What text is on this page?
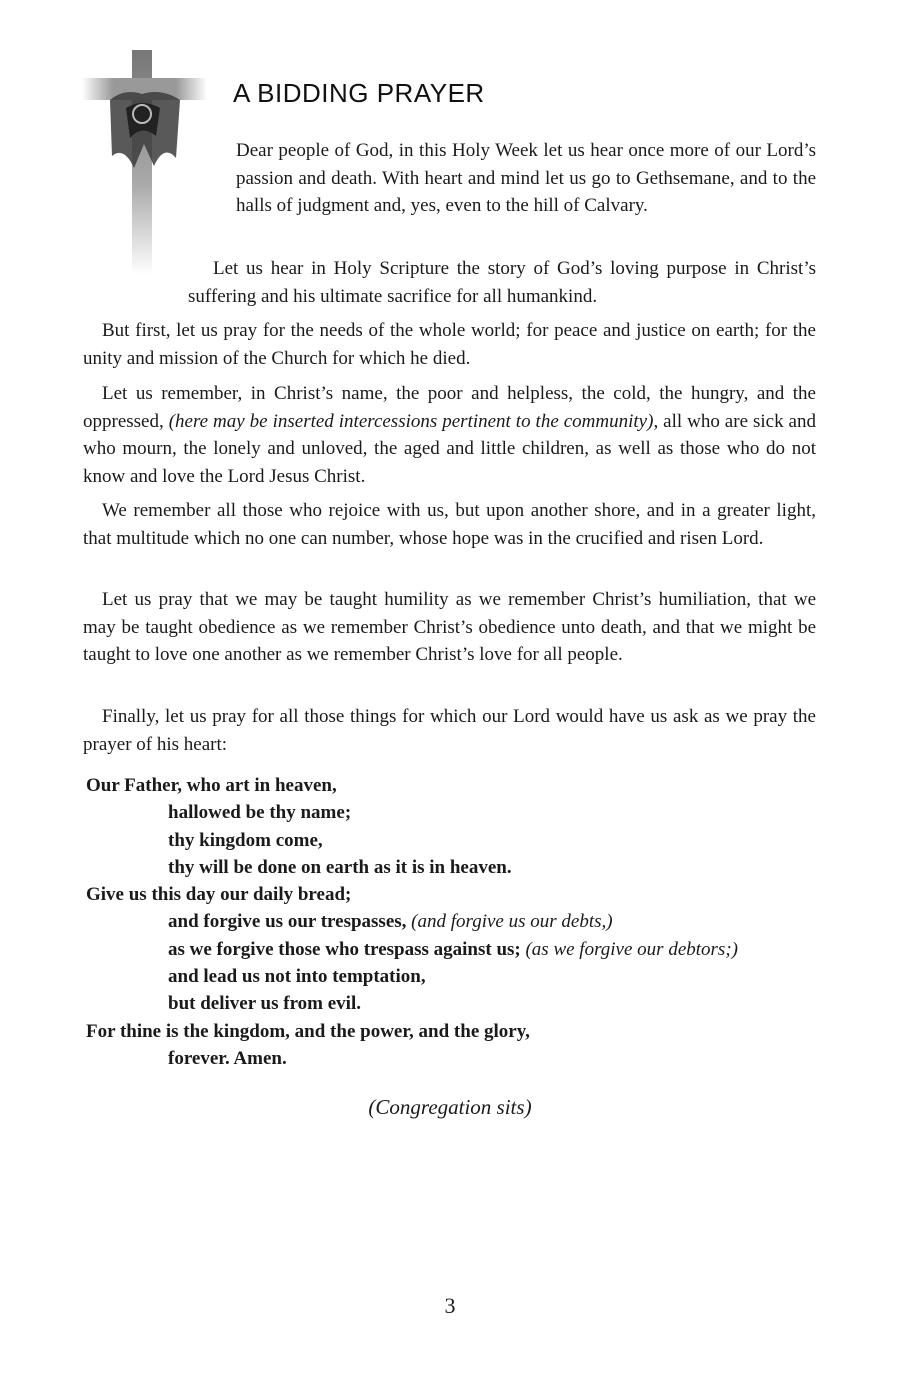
A BIDDING PRAYER

Dear people of God, in this Holy Week let us hear once more of our Lord’s passion and death. With heart and mind let us go to Gethsemane, and to the halls of judgment and, yes, even to the hill of Calvary.

Let us hear in Holy Scripture the story of God’s loving purpose in Christ’s suffering and his ultimate sacrifice for all humankind.

But first, let us pray for the needs of the whole world; for peace and justice on earth; for the unity and mission of the Church for which he died.

Let us remember, in Christ’s name, the poor and helpless, the cold, the hungry, and the oppressed, (here may be inserted intercessions pertinent to the community), all who are sick and who mourn, the lonely and unloved, the aged and little children, as well as those who do not know and love the Lord Jesus Christ.

We remember all those who rejoice with us, but upon another shore, and in a greater light, that multitude which no one can number, whose hope was in the crucified and risen Lord.

Let us pray that we may be taught humility as we remember Christ’s humiliation, that we may be taught obedience as we remember Christ’s obedience unto death, and that we might be taught to love one another as we remember Christ’s love for all people.

Finally, let us pray for all those things for which our Lord would have us ask as we pray the prayer of his heart:

Our Father, who art in heaven,
hallowed be thy name;
thy kingdom come,
thy will be done on earth as it is in heaven.
Give us this day our daily bread;
and forgive us our trespasses, (and forgive us our debts,)
as we forgive those who trespass against us; (as we forgive our debtors;)
and lead us not into temptation,
but deliver us from evil.
For thine is the kingdom, and the power, and the glory,
forever. Amen.
(Congregation sits)
3
